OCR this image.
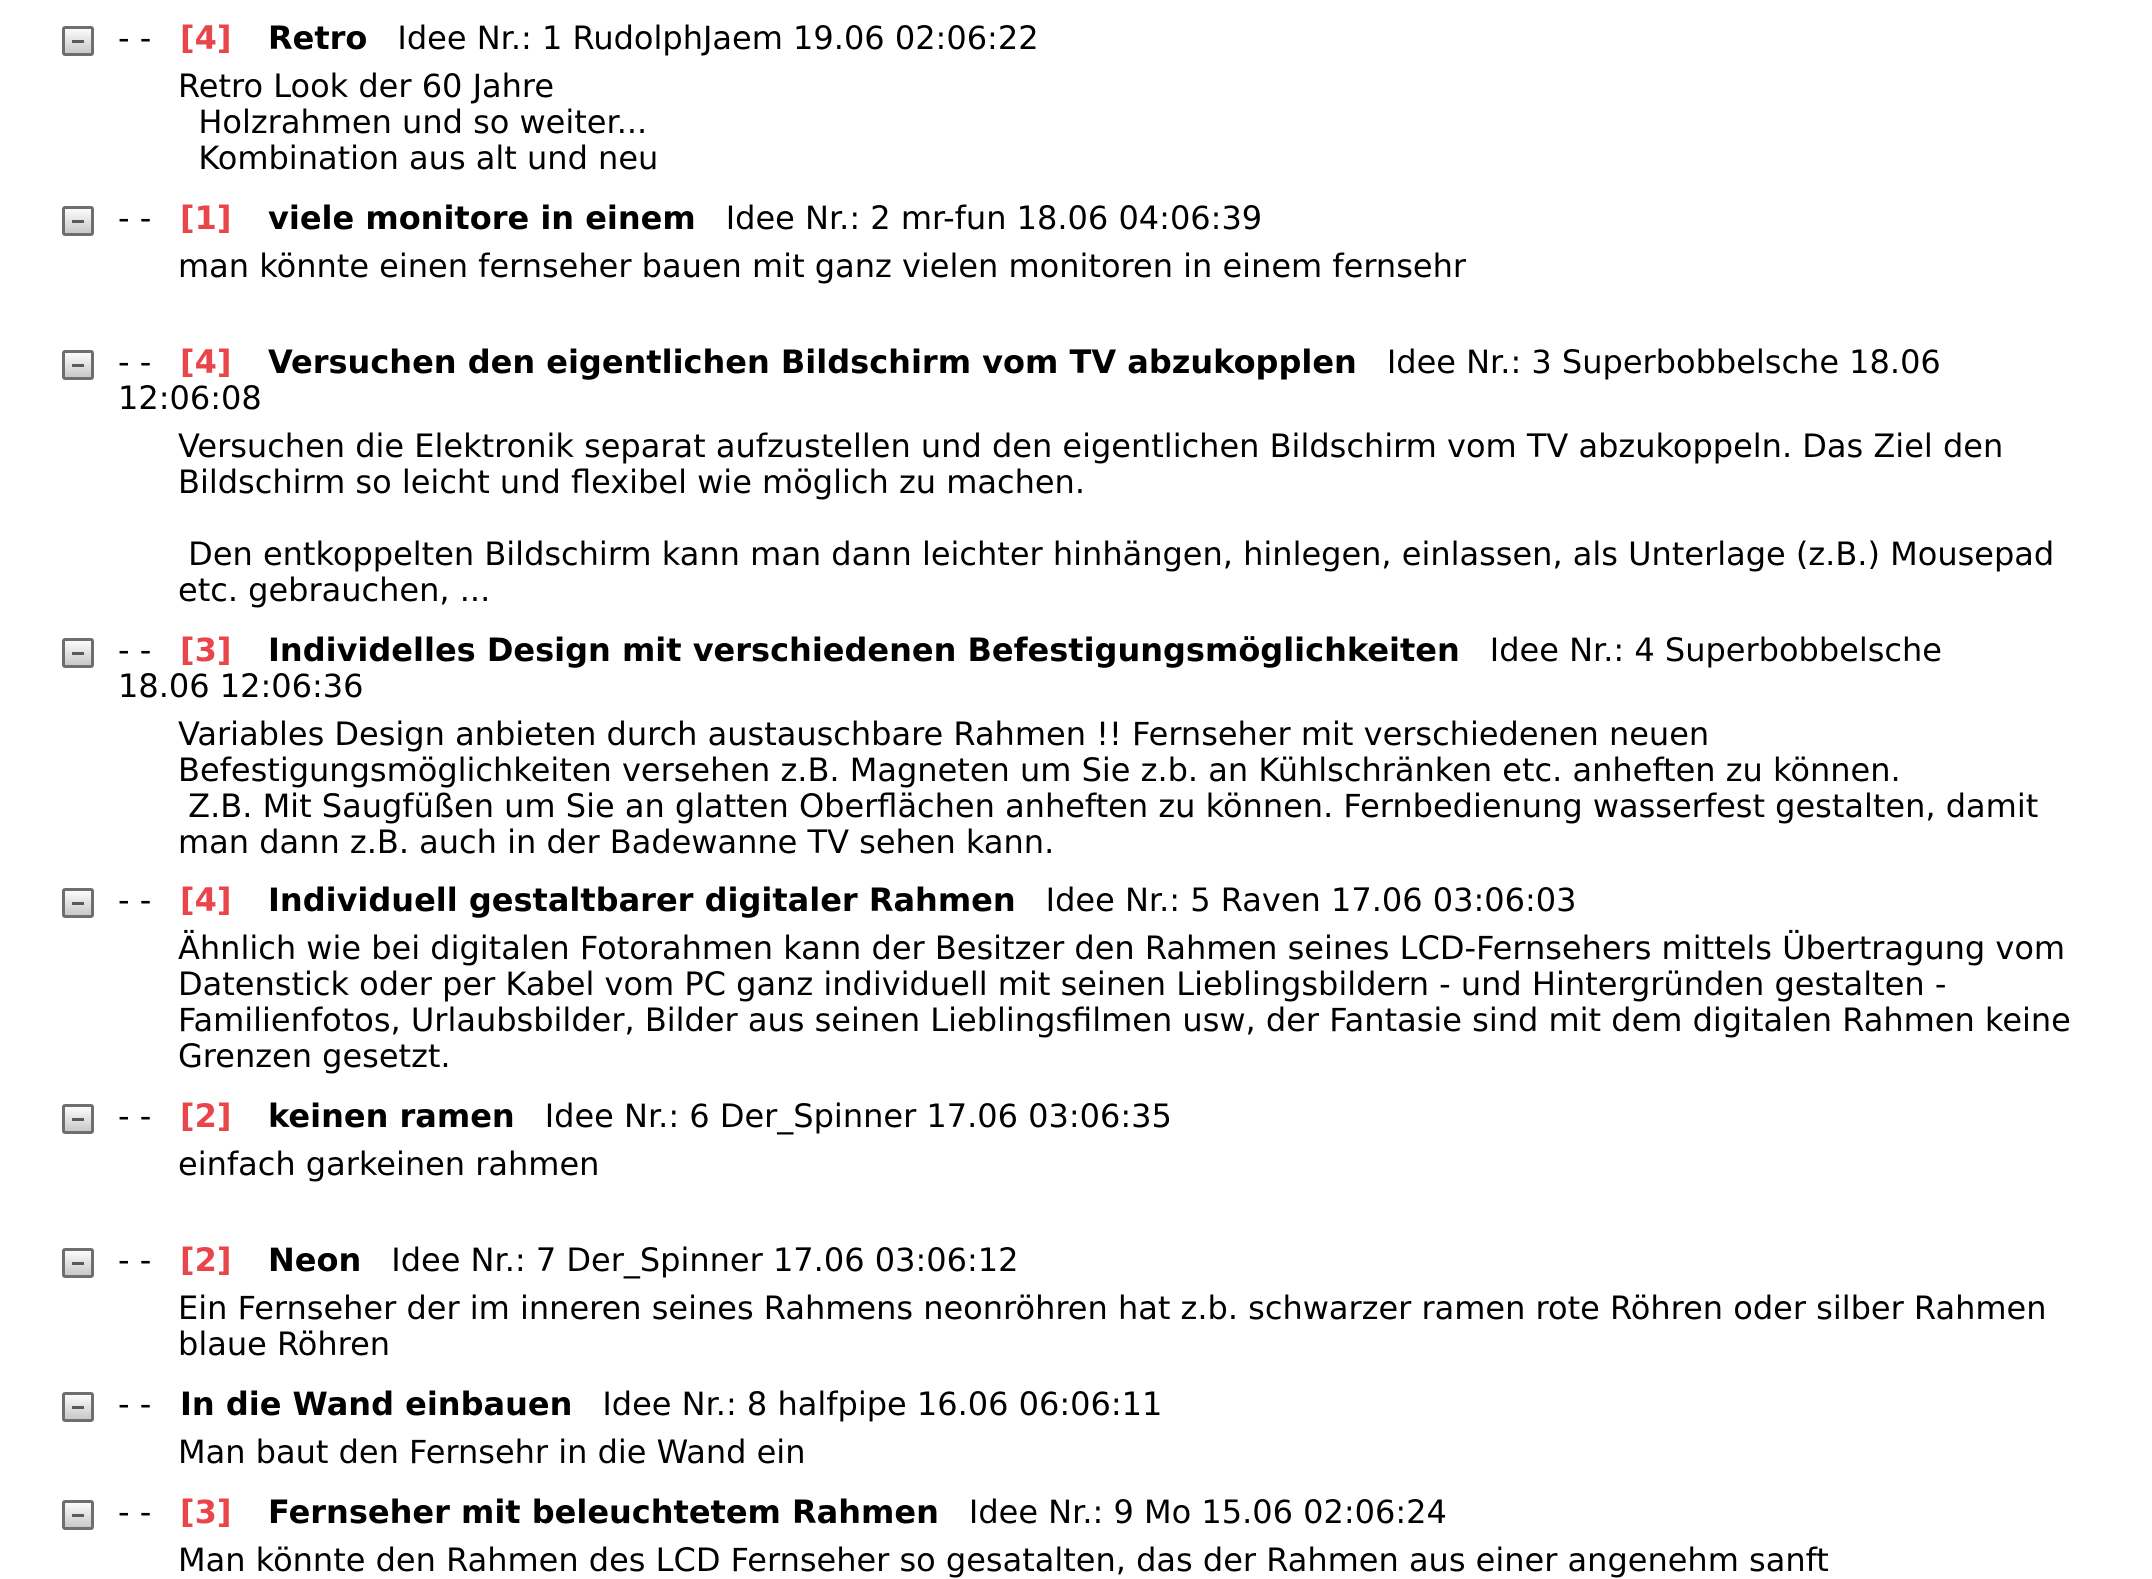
- - [4] Retro Idee Nr.: 1 RudolphJaem 19.06 02:06:22
Retro Look der 60 Jahre
Holzrahmen und so weiter...
Kombination aus alt und neu
- - [1] viele monitore in einem Idee Nr.: 2 mr-fun 18.06 04:06:39
man könnte einen fernseher bauen mit ganz vielen monitoren in einem fernsehr
- - [4] Versuchen den eigentlichen Bildschirm vom TV abzukopplen Idee Nr.: 3 Superbobbelsche 18.06 12:06:08
Versuchen die Elektronik separat aufzustellen und den eigentlichen Bildschirm vom TV abzukoppeln. Das Ziel den Bildschirm so leicht und flexibel wie möglich zu machen.

Den entkoppelten Bildschirm kann man dann leichter hinhängen, hinlegen, einlassen, als Unterlage (z.B.) Mousepad etc. gebrauchen, ...
- - [3] Individelles Design mit verschiedenen Befestigungsmöglichkeiten Idee Nr.: 4 Superbobbelsche 18.06 12:06:36
Variables Design anbieten durch austauschbare Rahmen !! Fernseher mit verschiedenen neuen Befestigungsmöglichkeiten versehen z.B. Magneten um Sie z.b. an Kühlschränken etc. anheften zu können.
Z.B. Mit Saugfüßen um Sie an glatten Oberflächen anheften zu können. Fernbedienung wasserfest gestalten, damit man dann z.B. auch in der Badewanne TV sehen kann.
- - [4] Individuell gestaltbarer digitaler Rahmen Idee Nr.: 5 Raven 17.06 03:06:03
Ähnlich wie bei digitalen Fotorahmen kann der Besitzer den Rahmen seines LCD-Fernsehers mittels Übertragung vom Datenstick oder per Kabel vom PC ganz individuell mit seinen Lieblingsbildern - und Hintergründen gestalten - Familienfotos, Urlaubsbilder, Bilder aus seinen Lieblingsfilmen usw, der Fantasie sind mit dem digitalen Rahmen keine Grenzen gesetzt.
- - [2] keinen ramen Idee Nr.: 6 Der_Spinner 17.06 03:06:35
einfach garkeinen rahmen
- - [2] Neon Idee Nr.: 7 Der_Spinner 17.06 03:06:12
Ein Fernseher der im inneren seines Rahmens neonröhren hat z.b. schwarzer ramen rote Röhren oder silber Rahmen blaue Röhren
- - In die Wand einbauen Idee Nr.: 8 halfpipe 16.06 06:06:11
Man baut den Fernsehr in die Wand ein
- - [3] Fernseher mit beleuchtetem Rahmen Idee Nr.: 9 Mo 15.06 02:06:24
Man könnte den Rahmen des LCD Fernseher so gesatalten, das der Rahmen aus einer angenehm sanft
